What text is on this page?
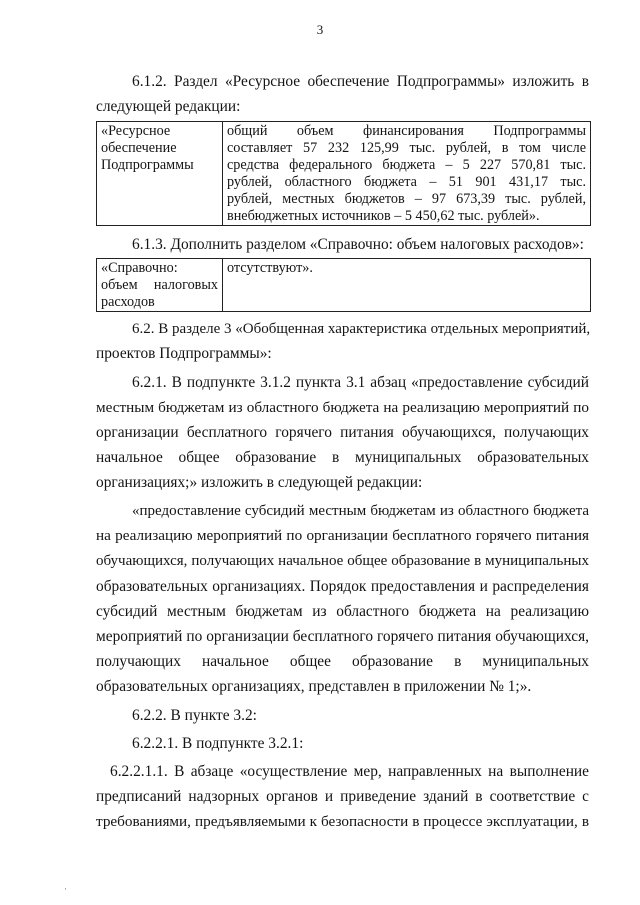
3
6.1.2. Раздел «Ресурсное обеспечение Подпрограммы» изложить в
следующей редакции:
«Ресурсное
обеспечение
Подпрограммы

общий объем финансирования Подпрограммы
составляет 57 232 125,99 тыс. рублей, в том числе
средства федерального бюджета – 5 227 570,81 тыс.
рублей, областного бюджета – 51 901 431,17 тыс.
рублей, местных бюджетов – 97 673,39 тыс. рублей,
внебюджетных источников – 5 450,62 тыс. рублей».
6.1.3. Дополнить разделом «Справочно: объем налоговых расходов»:
«Справочно:
объем налоговых
расходов

отсутствуют».
6.2. В разделе 3 «Обобщенная характеристика отдельных мероприятий,
проектов Подпрограммы»:
6.2.1. В подпункте 3.1.2 пункта 3.1 абзац «предоставление субсидий
местным бюджетам из областного бюджета на реализацию мероприятий по
организации бесплатного горячего питания обучающихся, получающих
начальное общее образование в муниципальных образовательных
организациях;» изложить в следующей редакции:
«предоставление субсидий местным бюджетам из областного бюджета
на реализацию мероприятий по организации бесплатного горячего питания
обучающихся, получающих начальное общее образование в муниципальных
образовательных организациях. Порядок предоставления и распределения
субсидий местным бюджетам из областного бюджета на реализацию
мероприятий по организации бесплатного горячего питания обучающихся,
получающих начальное общее образование в муниципальных
образовательных организациях, представлен в приложении № 1;».
6.2.2. В пункте 3.2:
6.2.2.1. В подпункте 3.2.1:
6.2.2.1.1. В абзаце «осуществление мер, направленных на выполнение
предписаний надзорных органов и приведение зданий в соответствие с
требованиями, предъявляемыми к безопасности в процессе эксплуатации, в
·
